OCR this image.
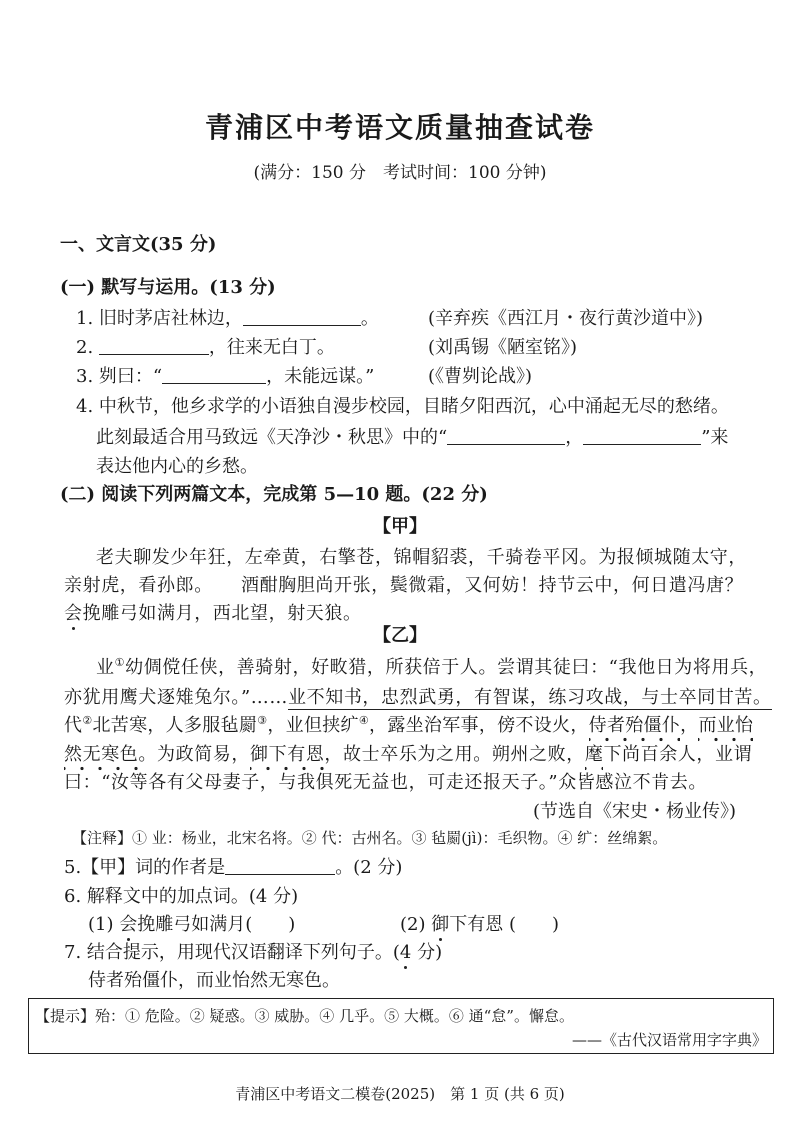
青浦区中考语文质量抽查试卷
(满分：150 分　考试时间：100 分钟)
一、文言文(35 分)
(一) 默写与运用。(13 分)
1. 旧时茅店社林边，	。	(辛弃疾《西江月・夜行黄沙道中》)
2.	，往来无白丁。	(刘禹锡《陋室铭》)
3. 刿曰：“	，未能远谋。”	(《曹刿论战》)
4. 中秋节，他乡求学的小语独自漫步校园，目睹夕阳西沉，心中涌起无尽的愁绪。
此刻最适合用马致远《天净沙・秋思》中的“	，	”来
表达他内心的乡愁。
(二) 阅读下列两篇文本，完成第 5—10 题。(22 分)
【甲】
老夫聊发少年狂，左牵黄，右擎苍，锦帽貂裘，千骑卷平冈。为报倾城随太守，
亲射虎，看孙郎。　　酒酣胸胆尚开张，鬓微霜，又何妨！持节云中，何日遣冯唐？
会挽雕弓如满月，西北望，射天狼。
【乙】
业①幼倜傥任侠，善骑射，好畋猎，所获倍于人。尝谓其徒曰：“我他日为将用兵，
亦犹用鹰犬逐雉兔尔。”……业不知书，忠烈武勇，有智谋，练习攻战，与士卒同甘苦。
代②北苦寒，人多服毡罽③，业但挟纩④，露坐治军事，傍不设火，侍者殆僵仆，而业怡
然无寒色。为政简易，御下有恩，故士卒乐为之用。朔州之败，麾下尚百余人，业谓
曰：“汝等各有父母妻子，与我俱死无益也，可走还报天子。”众皆感泣不肯去。
(节选自《宋史・杨业传》)
【注释】① 业：杨业，北宋名将。② 代：古州名。③ 毡罽(jì)：毛织物。④ 纩：丝绵絮。
5.【甲】词的作者是	。(2 分)
6. 解释文中的加点词。(4 分)
(1) 会挽雕弓如满月(　　)	(2) 御下有恩 (　　)
7. 结合提示，用现代汉语翻译下列句子。(4 分)
侍者殆僵仆，而业怡然无寒色。
【提示】殆：① 危险。② 疑惑。③ 威胁。④ 几乎。⑤ 大概。⑥ 通“怠”。懈怠。
——《古代汉语常用字字典》
青浦区中考语文二模卷(2025)　第 1 页 (共 6 页)
